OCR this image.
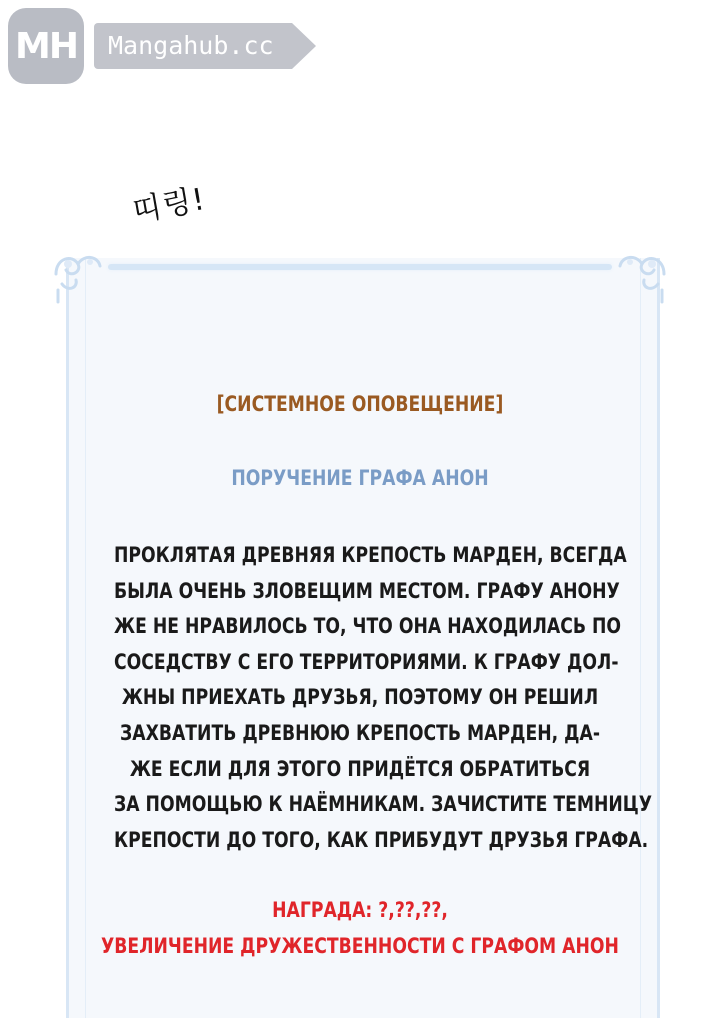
MH	Mangahub.cc
띠링!
[СИСТЕМНОЕ ОПОВЕЩЕНИЕ]
ПОРУЧЕНИЕ ГРАФА АНОН
ПРОКЛЯТАЯ ДРЕВНЯЯ КРЕПОСТЬ МАРДЕН, ВСЕГДА
БЫЛА ОЧЕНЬ ЗЛОВЕЩИМ МЕСТОМ. ГРАФУ АНОНУ
ЖЕ НЕ НРАВИЛОСЬ ТО, ЧТО ОНА НАХОДИЛАСЬ ПО
СОСЕДСТВУ С ЕГО ТЕРРИТОРИЯМИ. К ГРАФУ ДОЛ-
ЖНЫ ПРИЕХАТЬ ДРУЗЬЯ, ПОЭТОМУ ОН РЕШИЛ
ЗАХВАТИТЬ ДРЕВНЮЮ КРЕПОСТЬ МАРДЕН, ДА-
ЖЕ ЕСЛИ ДЛЯ ЭТОГО ПРИДЁТСЯ ОБРАТИТЬСЯ
ЗА ПОМОЩЬЮ К НАЁМНИКАМ. ЗАЧИСТИТЕ ТЕМНИЦУ
КРЕПОСТИ ДО ТОГО, КАК ПРИБУДУТ ДРУЗЬЯ ГРАФА.
НАГРАДА: ?,??,??,
УВЕЛИЧЕНИЕ ДРУЖЕСТВЕННОСТИ С ГРАФОМ АНОН
